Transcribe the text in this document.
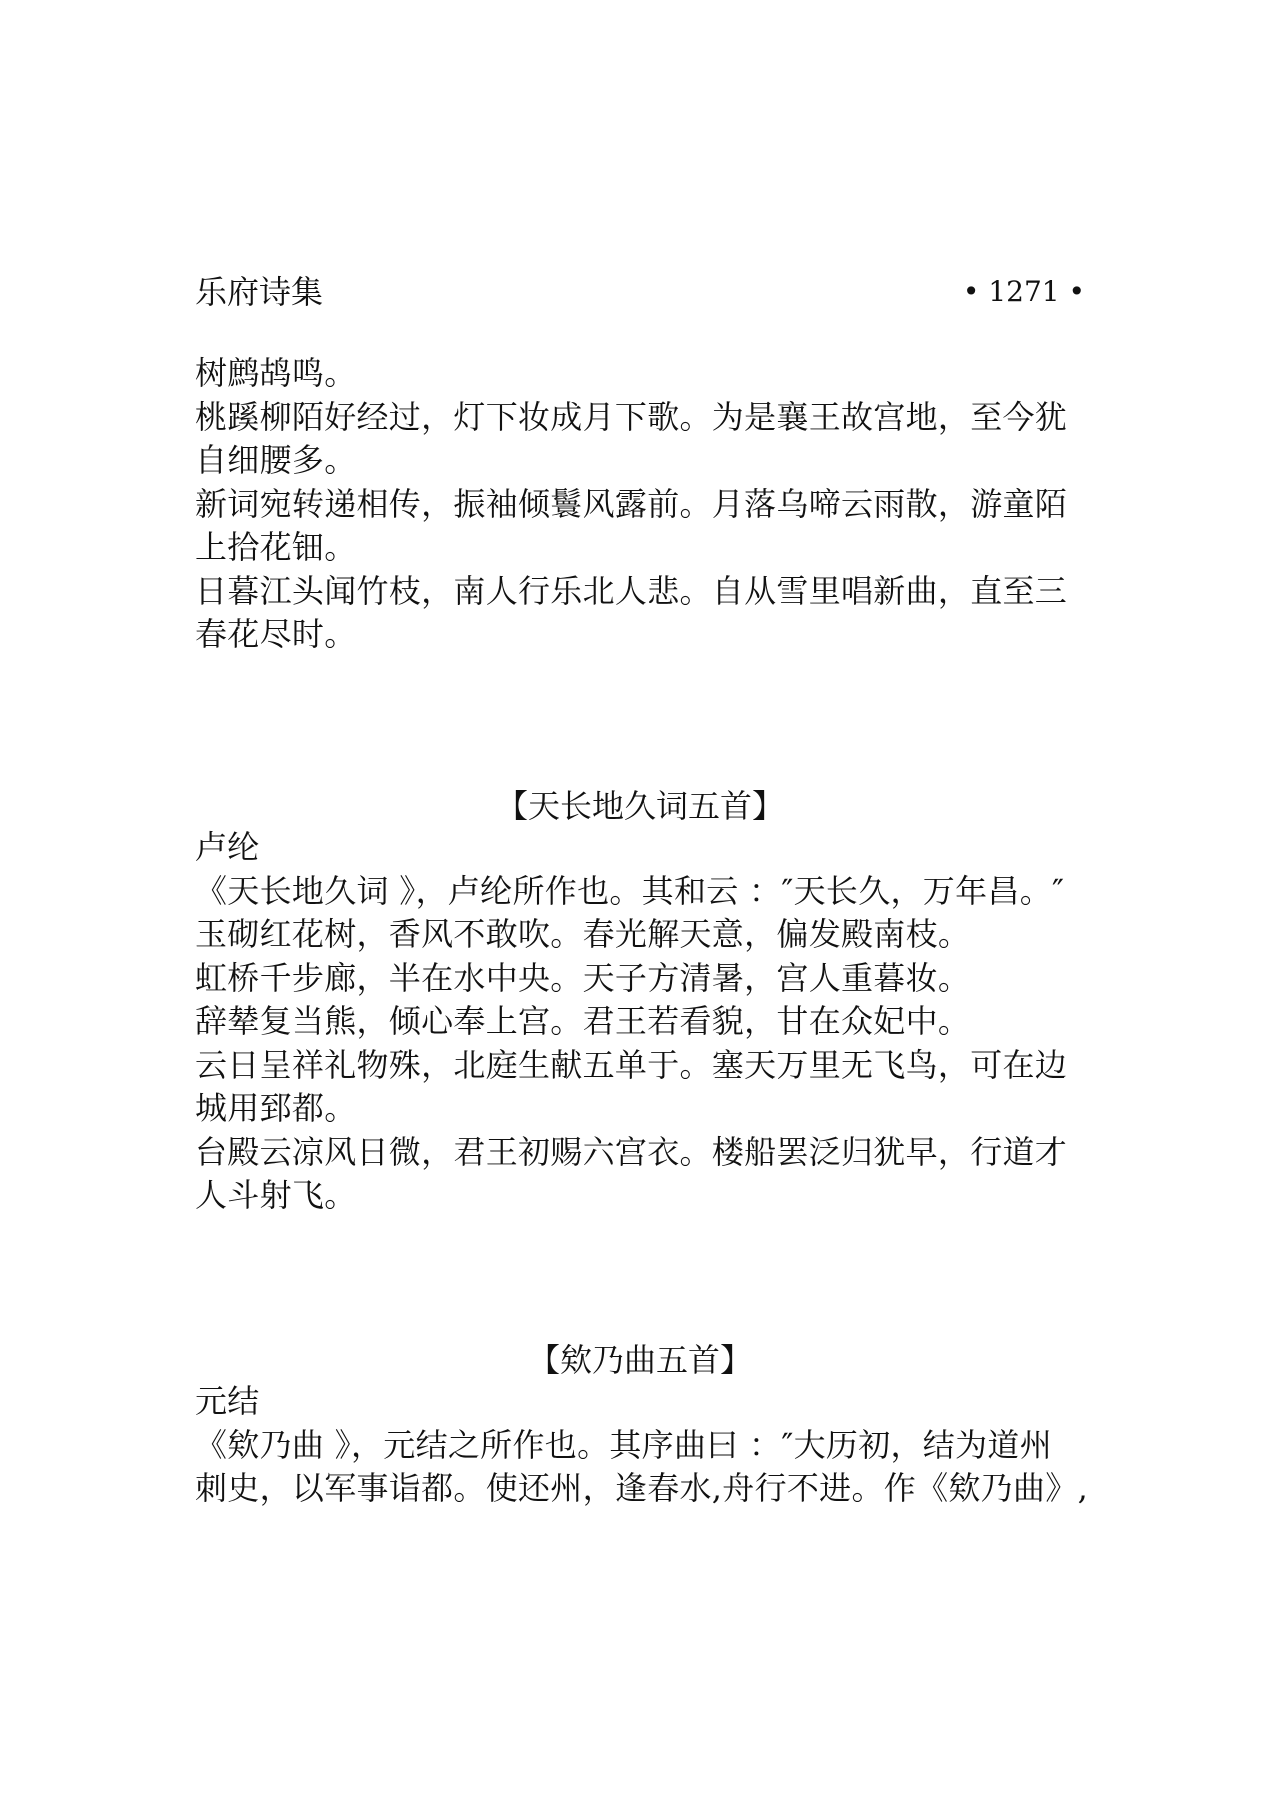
乐府诗集	• 1271 •
树鹧鸪鸣。
桃蹊柳陌好经过，灯下妆成月下歌。为是襄王故宫地，至今犹
自细腰多。
新词宛转递相传，振袖倾鬟风露前。月落乌啼云雨散，游童陌
上拾花钿。
日暮江头闻竹枝，南人行乐北人悲。自从雪里唱新曲，直至三
春花尽时。
【天长地久词五首】
卢纶
《天长地久词 》，卢纶所作也。其和云 ：″天长久，万年昌。″
玉砌红花树，香风不敢吹。春光解天意，偏发殿南枝。
虹桥千步廊，半在水中央。天子方清暑，宫人重暮妆。
辞辇复当熊，倾心奉上宫。君王若看貌，甘在众妃中。
云日呈祥礼物殊，北庭生献五单于。塞天万里无飞鸟，可在边
城用郅都。
台殿云凉风日微，君王初赐六宫衣。楼船罢泛归犹早，行道才
人斗射飞。
【欸乃曲五首】
元结
《欸乃曲 》，元结之所作也。其序曲曰 ：″大历初，结为道州
刺史，以军事诣都。使还州，逢春水,舟行不进。作《欸乃曲》,
